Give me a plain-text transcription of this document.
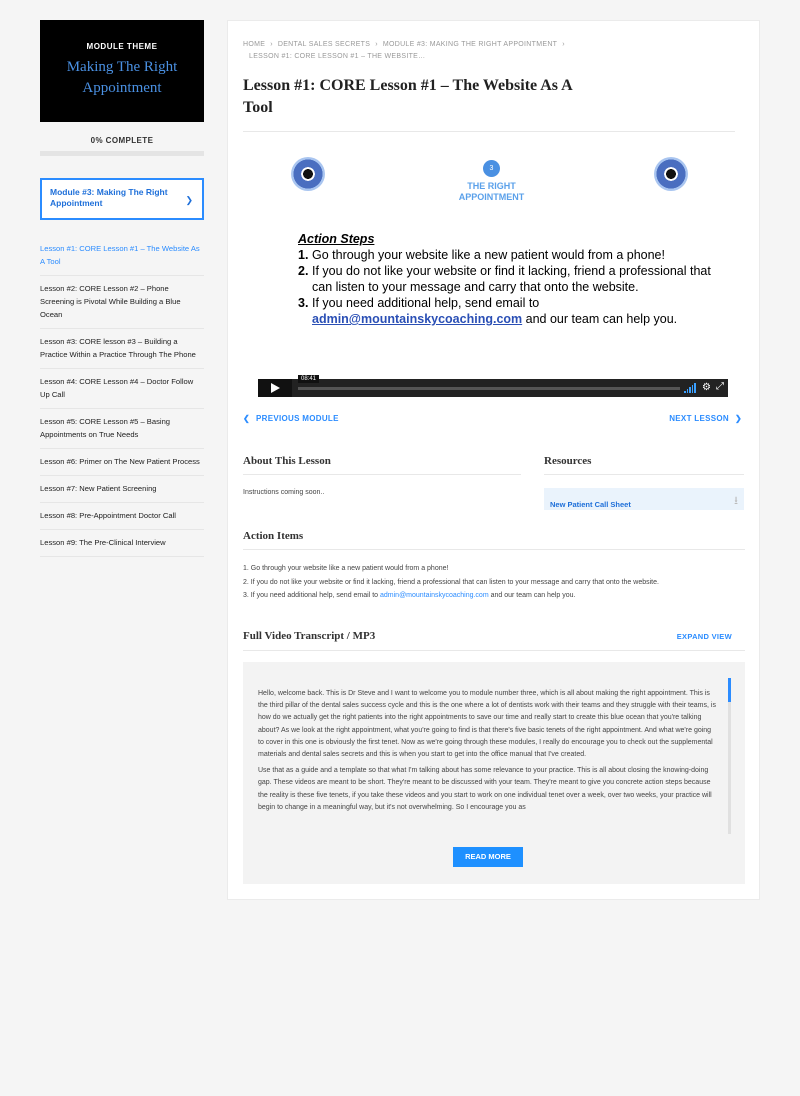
MODULE THEME
Making The Right Appointment
0% COMPLETE
Module #3: Making The Right Appointment	❯
Lesson #1: CORE Lesson #1 – The Website As A Tool
Lesson #2: CORE Lesson #2 – Phone Screening is Pivotal While Building a Blue Ocean
Lesson #3: CORE lesson #3 – Building a Practice Within a Practice Through The Phone
Lesson #4: CORE Lesson #4 – Doctor Follow Up Call
Lesson #5: CORE Lesson #5 – Basing Appointments on True Needs
Lesson #6: Primer on The New Patient Process
Lesson #7: New Patient Screening
Lesson #8: Pre-Appointment Doctor Call
Lesson #9: The Pre-Clinical Interview
HOME › DENTAL SALES SECRETS › MODULE #3: MAKING THE RIGHT APPOINTMENT ›
LESSON #1: CORE LESSON #1 – THE WEBSITE…
Lesson #1: CORE Lesson #1 – The Website As A Tool
3
THE RIGHT APPOINTMENT
Action Steps
1. Go through your website like a new patient would from a phone!
2. If you do not like your website or find it lacking, friend a professional that can listen to your message and carry that onto the website.
3. If you need additional help, send email to admin@mountainskycoaching.com and our team can help you.
08:41
⚙ ⤢
❮ PREVIOUS MODULE	NEXT LESSON ❯
About This Lesson
Instructions coming soon..
Resources
New Patient Call Sheet	⭳
Action Items
1. Go through your website like a new patient would from a phone!
2. If you do not like your website or find it lacking, friend a professional that can listen to your message and carry that onto the website.
3. If you need additional help, send email to admin@mountainskycoaching.com and our team can help you.
Full Video Transcript / MP3	EXPAND VIEW

Hello, welcome back. This is Dr Steve and I want to welcome you to module number three, which is all about making the right appointment. This is the third pillar of the dental sales success cycle and this is the one where a lot of dentists work with their teams and they struggle with their teams, is how do we actually get the right patients into the right appointments to save our time and really start to create this blue ocean that you're talking about? As we look at the right appointment, what you're going to find is that there's five basic tenets of the right appointment. And what we're going to cover in this one is obviously the first tenet. Now as we're going through these modules, I really do encourage you to check out the supplemental materials and dental sales secrets and this is when you start to get into the office manual that I've created.

Use that as a guide and a template so that what I'm talking about has some relevance to your practice. This is all about closing the knowing-doing gap. These videos are meant to be short. They're meant to be discussed with your team. They're meant to give you concrete action steps because the reality is these five tenets, if you take these videos and you start to work on one individual tenet over a week, over two weeks, your practice will begin to change in a meaningful way, but it's not overwhelming. So I encourage you as

READ MORE
